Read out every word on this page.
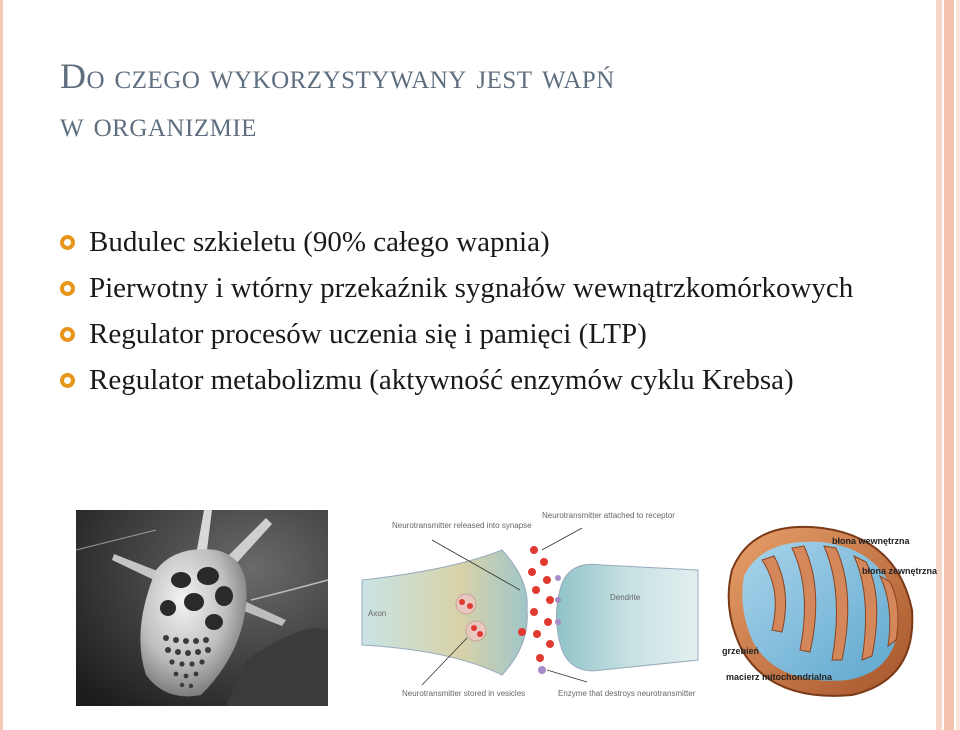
Do czego wykorzystywany jest wapń
w organizmie
Budulec szkieletu (90% całego wapnia)
Pierwotny i wtórny przekaźnik sygnałów wewnątrzkomórkowych
Regulator procesów uczenia się i pamięci (LTP)
Regulator metabolizmu (aktywność enzymów cyklu Krebsa)
Neurotransmitter released into synapse
Neurotransmitter attached to receptor
Axon
Dendrite
Neurotransmitter stored in vesicles	Enzyme that destroys neurotransmitter
błona wewnętrzna
błona zewnętrzna
grzebień
macierz mitochondrialna
